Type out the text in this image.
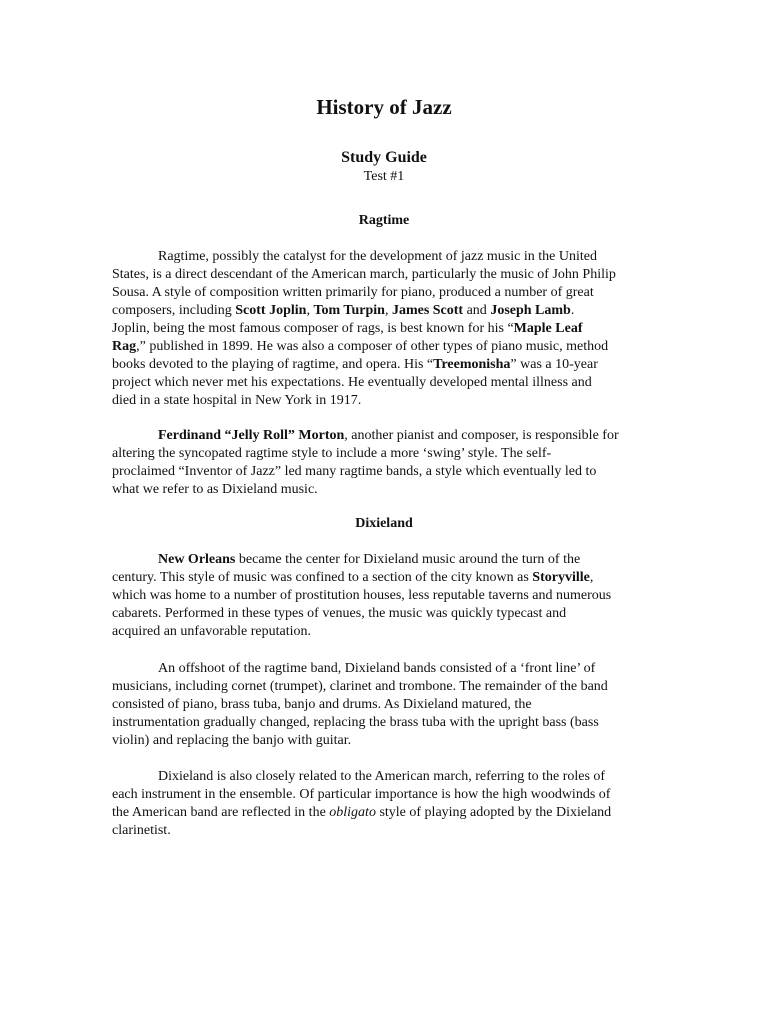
History of Jazz
Study Guide
Test #1
Ragtime
Ragtime, possibly the catalyst for the development of jazz music in the United
States, is a direct descendant of the American march, particularly the music of John Philip
Sousa. A style of composition written primarily for piano, produced a number of great
composers, including Scott Joplin, Tom Turpin, James Scott and Joseph Lamb.
Joplin, being the most famous composer of rags, is best known for his “Maple Leaf
Rag,” published in 1899. He was also a composer of other types of piano music, method
books devoted to the playing of ragtime, and opera. His “Treemonisha” was a 10-year
project which never met his expectations. He eventually developed mental illness and
died in a state hospital in New York in 1917.
Ferdinand “Jelly Roll” Morton, another pianist and composer, is responsible for
altering the syncopated ragtime style to include a more ‘swing’ style. The self-
proclaimed “Inventor of Jazz” led many ragtime bands, a style which eventually led to
what we refer to as Dixieland music.
Dixieland
New Orleans became the center for Dixieland music around the turn of the
century. This style of music was confined to a section of the city known as Storyville,
which was home to a number of prostitution houses, less reputable taverns and numerous
cabarets. Performed in these types of venues, the music was quickly typecast and
acquired an unfavorable reputation.
An offshoot of the ragtime band, Dixieland bands consisted of a ‘front line’ of
musicians, including cornet (trumpet), clarinet and trombone. The remainder of the band
consisted of piano, brass tuba, banjo and drums. As Dixieland matured, the
instrumentation gradually changed, replacing the brass tuba with the upright bass (bass
violin) and replacing the banjo with guitar.
Dixieland is also closely related to the American march, referring to the roles of
each instrument in the ensemble. Of particular importance is how the high woodwinds of
the American band are reflected in the obligato style of playing adopted by the Dixieland
clarinetist.
